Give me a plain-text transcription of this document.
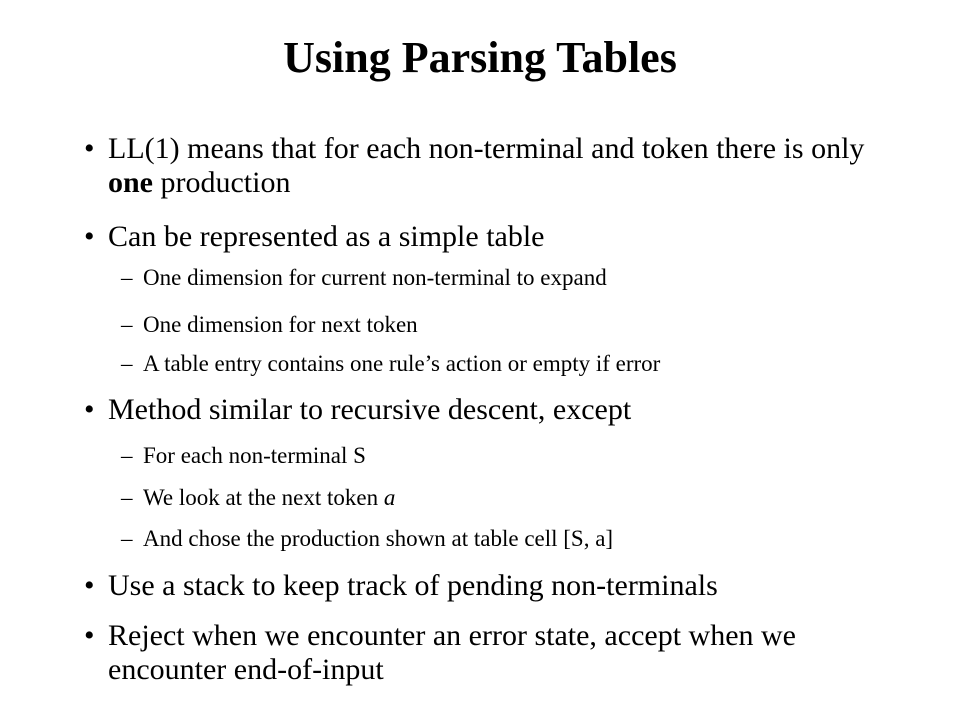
Using Parsing Tables
• LL(1) means that for each non-terminal and token there is only one production
• Can be represented as a simple table
– One dimension for current non-terminal to expand
– One dimension for next token
– A table entry contains one rule’s action or empty if error
• Method similar to recursive descent, except
– For each non-terminal S
– We look at the next token a
– And chose the production shown at table cell [S, a]
• Use a stack to keep track of pending non-terminals
• Reject when we encounter an error state, accept when we encounter end-of-input
